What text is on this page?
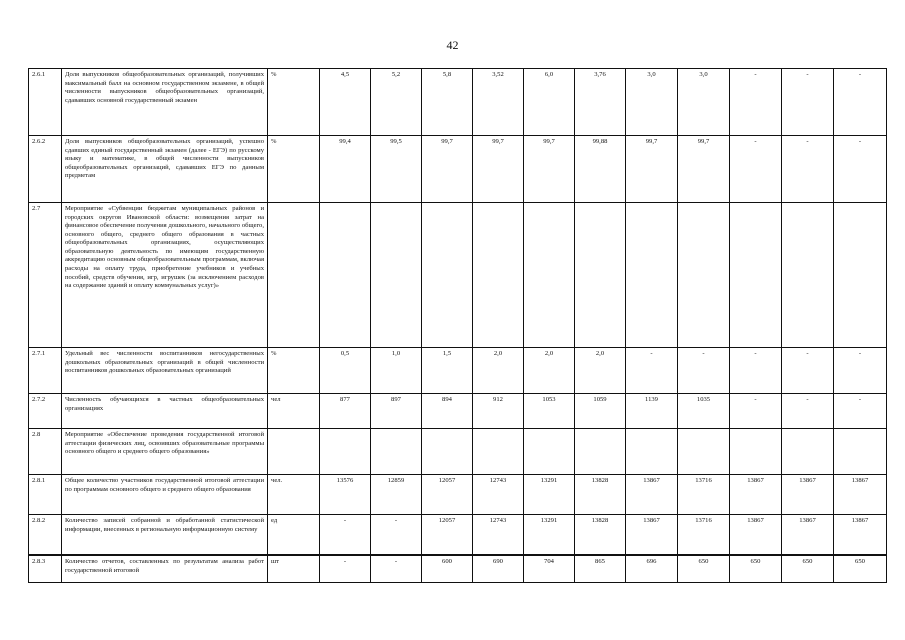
42
2.6.1	Доля выпускников общеобразовательных организаций, получивших максимальный балл на основном государственном экзамене, в общей численности выпускников общеобразовательных организаций, сдававших основной государственный экзамен	%	4,5	5,2	5,8	3,52	6,0	3,76	3,0	3,0	-	-	-
2.6.2	Доля выпускников общеобразовательных организаций, успешно сдавших единый государственный экзамен (далее - ЕГЭ) по русскому языку и математике, в общей численности выпускников общеобразовательных организаций, сдававших ЕГЭ по данным предметам	%	99,4	99,5	99,7	99,7	99,7	99,88	99,7	99,7	-	-	-
2.7	Мероприятие «Субвенции бюджетам муниципальных районов и городских округов Ивановской области: возмещения затрат на финансовое обеспечение получения дошкольного, начального общего, основного общего, среднего общего образования в частных общеобразовательных организациях, осуществляющих образовательную деятельность по имеющим государственную аккредитацию основным общеобразовательным программам, включая расходы на оплату труда, приобретение учебников и учебных пособий, средств обучения, игр, игрушек (за исключением расходов на содержание зданий и оплату коммунальных услуг)»												
2.7.1	Удельный вес численности воспитанников негосударственных дошкольных образовательных организаций в общей численности воспитанников дошкольных образовательных организаций	%	0,5	1,0	1,5	2,0	2,0	2,0	-	-	-	-	-
2.7.2	Численность обучающихся в частных общеобразовательных организациях	чел	877	897	894	912	1053	1059	1139	1035	-	-	-
2.8	Мероприятие «Обеспечение проведения государственной итоговой аттестации физических лиц, освоивших образовательные программы основного общего и среднего общего образования»												
2.8.1	Общее количество участников государственной итоговой аттестации по программам основного общего и среднего общего образования	чел.	13576	12859	12057	12743	13291	13828	13867	13716	13867	13867	13867
2.8.2	Количество записей собранной и обработанной статистической информации, внесенных в региональную информационную систему	ед	-	-	12057	12743	13291	13828	13867	13716	13867	13867	13867
2.8.3	Количество отчетов, составленных по результатам анализа работ государственной итоговой	шт	-	-	600	690	704	865	696	650	650	650	650
